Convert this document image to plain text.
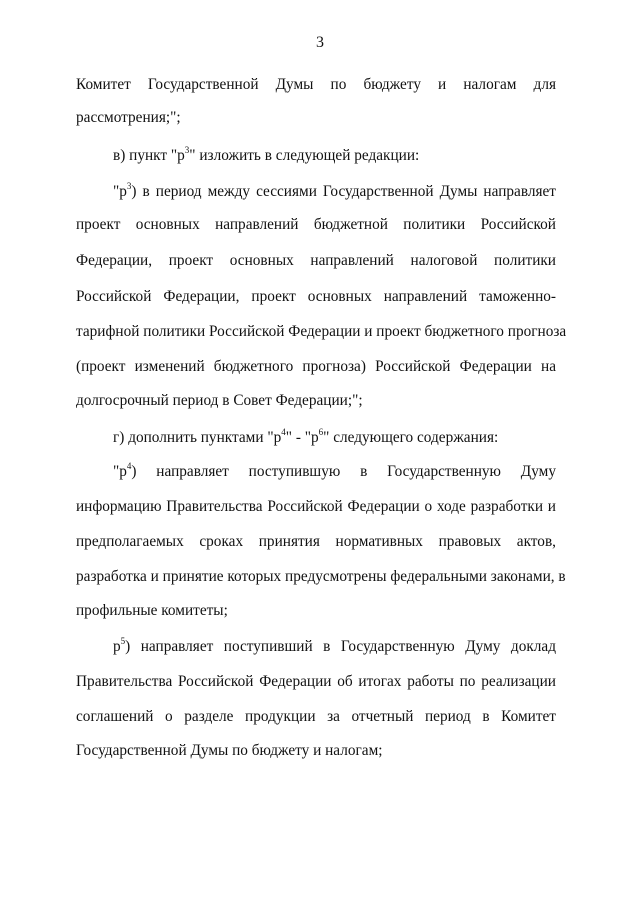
3
Комитет Государственной Думы по бюджету и налогам для
рассмотрения;";
в) пункт "$р^3$" изложить в следующей редакции:
"$р^3$) в период между сессиями Государственной Думы направляет
проект основных направлений бюджетной политики Российской
Федерации, проект основных направлений налоговой политики
Российской Федерации, проект основных направлений таможенно-
тарифной политики Российской Федерации и проект бюджетного прогноза
(проект изменений бюджетного прогноза) Российской Федерации на
долгосрочный период в Совет Федерации;";
г) дополнить пунктами "$р^4$" - "$р^6$" следующего содержания:
"$р^4$) направляет поступившую в Государственную Думу
информацию Правительства Российской Федерации о ходе разработки и
предполагаемых сроках принятия нормативных правовых актов,
разработка и принятие которых предусмотрены федеральными законами, в
профильные комитеты;
$р^5$) направляет поступивший в Государственную Думу доклад
Правительства Российской Федерации об итогах работы по реализации
соглашений о разделе продукции за отчетный период в Комитет
Государственной Думы по бюджету и налогам;
